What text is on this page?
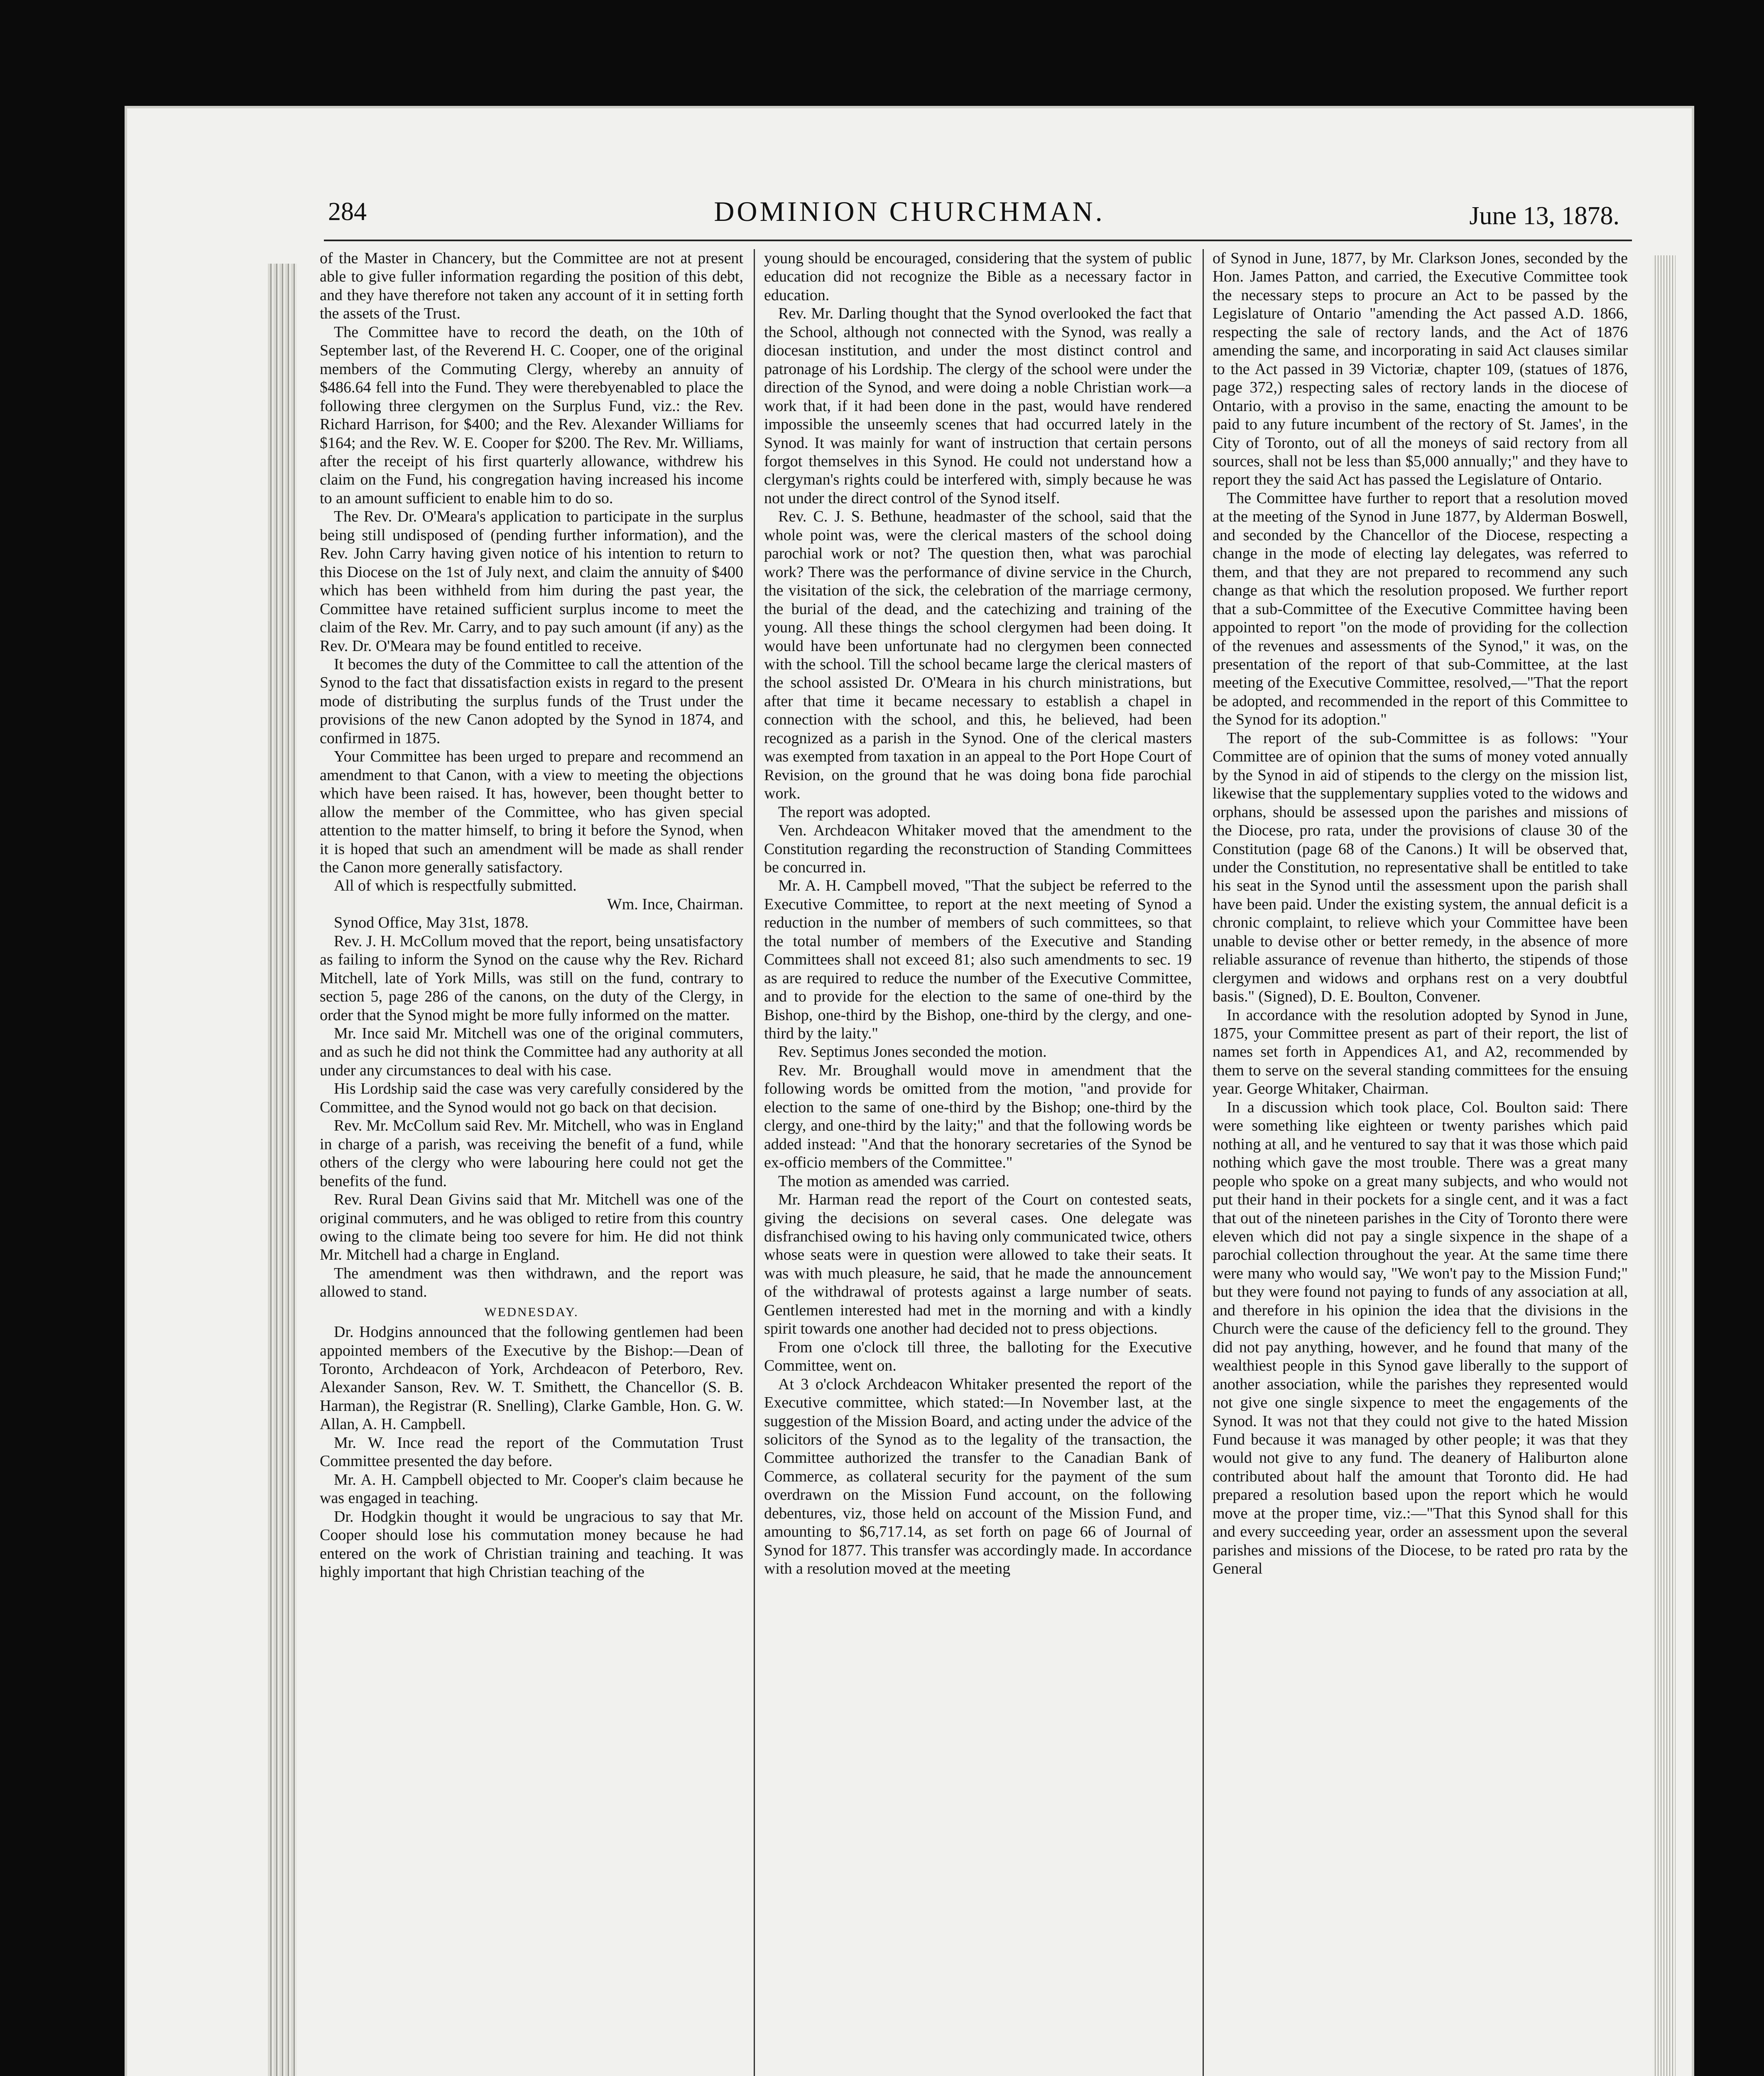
284	DOMINION CHURCHMAN.	June 13, 1878.

of the Master in Chancery, but the Committee are not at present able to give fuller information regarding the position of this debt, and they have therefore not taken any account of it in setting forth the assets of the Trust.

The Committee have to record the death, on the 10th of September last, of the Reverend H. C. Cooper, one of the original members of the Commuting Clergy, whereby an annuity of $486.64 fell into the Fund. They were therebyenabled to place the following three clergymen on the Surplus Fund, viz.: the Rev. Richard Harrison, for $400; and the Rev. Alexander Williams for $164; and the Rev. W. E. Cooper for $200. The Rev. Mr. Williams, after the receipt of his first quarterly allowance, withdrew his claim on the Fund, his congregation having increased his income to an amount sufficient to enable him to do so.

The Rev. Dr. O'Meara's application to participate in the surplus being still undisposed of (pending further information), and the Rev. John Carry having given notice of his intention to return to this Diocese on the 1st of July next, and claim the annuity of $400 which has been withheld from him during the past year, the Committee have retained sufficient surplus income to meet the claim of the Rev. Mr. Carry, and to pay such amount (if any) as the Rev. Dr. O'Meara may be found entitled to receive.

It becomes the duty of the Committee to call the attention of the Synod to the fact that dissatisfaction exists in regard to the present mode of distributing the surplus funds of the Trust under the provisions of the new Canon adopted by the Synod in 1874, and confirmed in 1875.

Your Committee has been urged to prepare and recommend an amendment to that Canon, with a view to meeting the objections which have been raised. It has, however, been thought better to allow the member of the Committee, who has given special attention to the matter himself, to bring it before the Synod, when it is hoped that such an amendment will be made as shall render the Canon more generally satisfactory.

All of which is respectfully submitted.

Wm. Ince, Chairman.

Synod Office, May 31st, 1878.

Rev. J. H. McCollum moved that the report, being unsatisfactory as failing to inform the Synod on the cause why the Rev. Richard Mitchell, late of York Mills, was still on the fund, contrary to section 5, page 286 of the canons, on the duty of the Clergy, in order that the Synod might be more fully informed on the matter.

Mr. Ince said Mr. Mitchell was one of the original commuters, and as such he did not think the Committee had any authority at all under any circumstances to deal with his case.

His Lordship said the case was very carefully considered by the Committee, and the Synod would not go back on that decision.

Rev. Mr. McCollum said Rev. Mr. Mitchell, who was in England in charge of a parish, was receiving the benefit of a fund, while others of the clergy who were labouring here could not get the benefits of the fund.

Rev. Rural Dean Givins said that Mr. Mitchell was one of the original commuters, and he was obliged to retire from this country owing to the climate being too severe for him. He did not think Mr. Mitchell had a charge in England.

The amendment was then withdrawn, and the report was allowed to stand.

WEDNESDAY.

Dr. Hodgins announced that the following gentlemen had been appointed members of the Executive by the Bishop:—Dean of Toronto, Archdeacon of York, Archdeacon of Peterboro, Rev. Alexander Sanson, Rev. W. T. Smithett, the Chancellor (S. B. Harman), the Registrar (R. Snelling), Clarke Gamble, Hon. G. W. Allan, A. H. Campbell.

Mr. W. Ince read the report of the Commutation Trust Committee presented the day before.

Mr. A. H. Campbell objected to Mr. Cooper's claim because he was engaged in teaching.

Dr. Hodgkin thought it would be ungracious to say that Mr. Cooper should lose his commutation money because he had entered on the work of Christian training and teaching. It was highly important that high Christian teaching of the

young should be encouraged, considering that the system of public education did not recognize the Bible as a necessary factor in education.

Rev. Mr. Darling thought that the Synod overlooked the fact that the School, although not connected with the Synod, was really a diocesan institution, and under the most distinct control and patronage of his Lordship. The clergy of the school were under the direction of the Synod, and were doing a noble Christian work—a work that, if it had been done in the past, would have rendered impossible the unseemly scenes that had occurred lately in the Synod. It was mainly for want of instruction that certain persons forgot themselves in this Synod. He could not understand how a clergyman's rights could be interfered with, simply because he was not under the direct control of the Synod itself.

Rev. C. J. S. Bethune, headmaster of the school, said that the whole point was, were the clerical masters of the school doing parochial work or not? The question then, what was parochial work? There was the performance of divine service in the Church, the visitation of the sick, the celebration of the marriage cermony, the burial of the dead, and the catechizing and training of the young. All these things the school clergymen had been doing. It would have been unfortunate had no clergymen been connected with the school. Till the school became large the clerical masters of the school assisted Dr. O'Meara in his church ministrations, but after that time it became necessary to establish a chapel in connection with the school, and this, he believed, had been recognized as a parish in the Synod. One of the clerical masters was exempted from taxation in an appeal to the Port Hope Court of Revision, on the ground that he was doing bona fide parochial work.

The report was adopted.

Ven. Archdeacon Whitaker moved that the amendment to the Constitution regarding the reconstruction of Standing Committees be concurred in.

Mr. A. H. Campbell moved, "That the subject be referred to the Executive Committee, to report at the next meeting of Synod a reduction in the number of members of such committees, so that the total number of members of the Executive and Standing Committees shall not exceed 81; also such amendments to sec. 19 as are required to reduce the number of the Executive Committee, and to provide for the election to the same of one-third by the Bishop, one-third by the Bishop, one-third by the clergy, and one-third by the laity."

Rev. Septimus Jones seconded the motion.

Rev. Mr. Broughall would move in amendment that the following words be omitted from the motion, "and provide for election to the same of one-third by the Bishop; one-third by the clergy, and one-third by the laity;" and that the following words be added instead: "And that the honorary secretaries of the Synod be ex-officio members of the Committee."

The motion as amended was carried.

Mr. Harman read the report of the Court on contested seats, giving the decisions on several cases. One delegate was disfranchised owing to his having only communicated twice, others whose seats were in question were allowed to take their seats. It was with much pleasure, he said, that he made the announcement of the withdrawal of protests against a large number of seats. Gentlemen interested had met in the morning and with a kindly spirit towards one another had decided not to press objections.

From one o'clock till three, the balloting for the Executive Committee, went on.

At 3 o'clock Archdeacon Whitaker presented the report of the Executive committee, which stated:—In November last, at the suggestion of the Mission Board, and acting under the advice of the solicitors of the Synod as to the legality of the transaction, the Committee authorized the transfer to the Canadian Bank of Commerce, as collateral security for the payment of the sum overdrawn on the Mission Fund account, on the following debentures, viz, those held on account of the Mission Fund, and amounting to $6,717.14, as set forth on page 66 of Journal of Synod for 1877. This transfer was accordingly made. In accordance with a resolution moved at the meeting

of Synod in June, 1877, by Mr. Clarkson Jones, seconded by the Hon. James Patton, and carried, the Executive Committee took the necessary steps to procure an Act to be passed by the Legislature of Ontario "amending the Act passed A.D. 1866, respecting the sale of rectory lands, and the Act of 1876 amending the same, and incorporating in said Act clauses similar to the Act passed in 39 Victoriæ, chapter 109, (statues of 1876, page 372,) respecting sales of rectory lands in the diocese of Ontario, with a proviso in the same, enacting the amount to be paid to any future incumbent of the rectory of St. James', in the City of Toronto, out of all the moneys of said rectory from all sources, shall not be less than $5,000 annually;" and they have to report they the said Act has passed the Legislature of Ontario.

The Committee have further to report that a resolution moved at the meeting of the Synod in June 1877, by Alderman Boswell, and seconded by the Chancellor of the Diocese, respecting a change in the mode of electing lay delegates, was referred to them, and that they are not prepared to recommend any such change as that which the resolution proposed. We further report that a sub-Committee of the Executive Committee having been appointed to report "on the mode of providing for the collection of the revenues and assessments of the Synod," it was, on the presentation of the report of that sub-Committee, at the last meeting of the Executive Committee, resolved,—"That the report be adopted, and recommended in the report of this Committee to the Synod for its adoption."

The report of the sub-Committee is as follows: "Your Committee are of opinion that the sums of money voted annually by the Synod in aid of stipends to the clergy on the mission list, likewise that the supplementary supplies voted to the widows and orphans, should be assessed upon the parishes and missions of the Diocese, pro rata, under the provisions of clause 30 of the Constitution (page 68 of the Canons.) It will be observed that, under the Constitution, no representative shall be entitled to take his seat in the Synod until the assessment upon the parish shall have been paid. Under the existing system, the annual deficit is a chronic complaint, to relieve which your Committee have been unable to devise other or better remedy, in the absence of more reliable assurance of revenue than hitherto, the stipends of those clergymen and widows and orphans rest on a very doubtful basis." (Signed), D. E. Boulton, Convener.

In accordance with the resolution adopted by Synod in June, 1875, your Committee present as part of their report, the list of names set forth in Appendices A1, and A2, recommended by them to serve on the several standing committees for the ensuing year. George Whitaker, Chairman.

In a discussion which took place, Col. Boulton said: There were something like eighteen or twenty parishes which paid nothing at all, and he ventured to say that it was those which paid nothing which gave the most trouble. There was a great many people who spoke on a great many subjects, and who would not put their hand in their pockets for a single cent, and it was a fact that out of the nineteen parishes in the City of Toronto there were eleven which did not pay a single sixpence in the shape of a parochial collection throughout the year. At the same time there were many who would say, "We won't pay to the Mission Fund;" but they were found not paying to funds of any association at all, and therefore in his opinion the idea that the divisions in the Church were the cause of the deficiency fell to the ground. They did not pay anything, however, and he found that many of the wealthiest people in this Synod gave liberally to the support of another association, while the parishes they represented would not give one single sixpence to meet the engagements of the Synod. It was not that they could not give to the hated Mission Fund because it was managed by other people; it was that they would not give to any fund. The deanery of Haliburton alone contributed about half the amount that Toronto did. He had prepared a resolution based upon the report which he would move at the proper time, viz.:—"That this Synod shall for this and every succeeding year, order an assessment upon the several parishes and missions of the Diocese, to be rated pro rata by the General
